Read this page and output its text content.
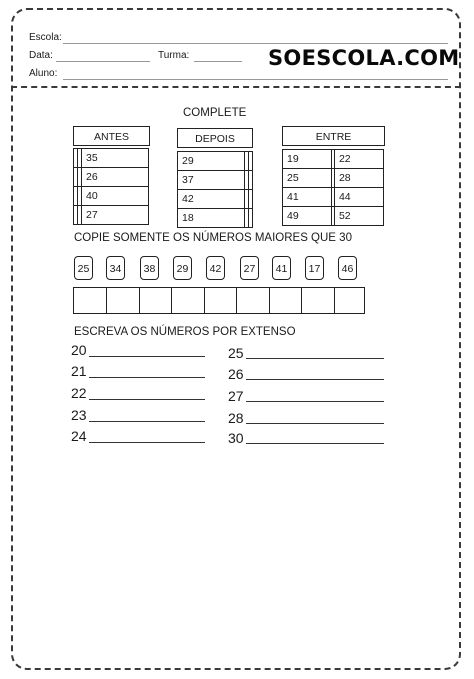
Escola:
Data:	Turma:	SOESCOLA.COM
Aluno:
COMPLETE
		35
		26
		40
		27
ANTES
29		
37		
42		
18		
DEPOIS
19		22
25		28
41		44
49		52
ENTRE
COPIE SOMENTE OS NÚMEROS MAIORES QUE 30
25	34	38	29	42	27	41	17	46
ESCREVA OS NÚMEROS POR EXTENSO
20
21
22
23
24
25
26
27
28
30
